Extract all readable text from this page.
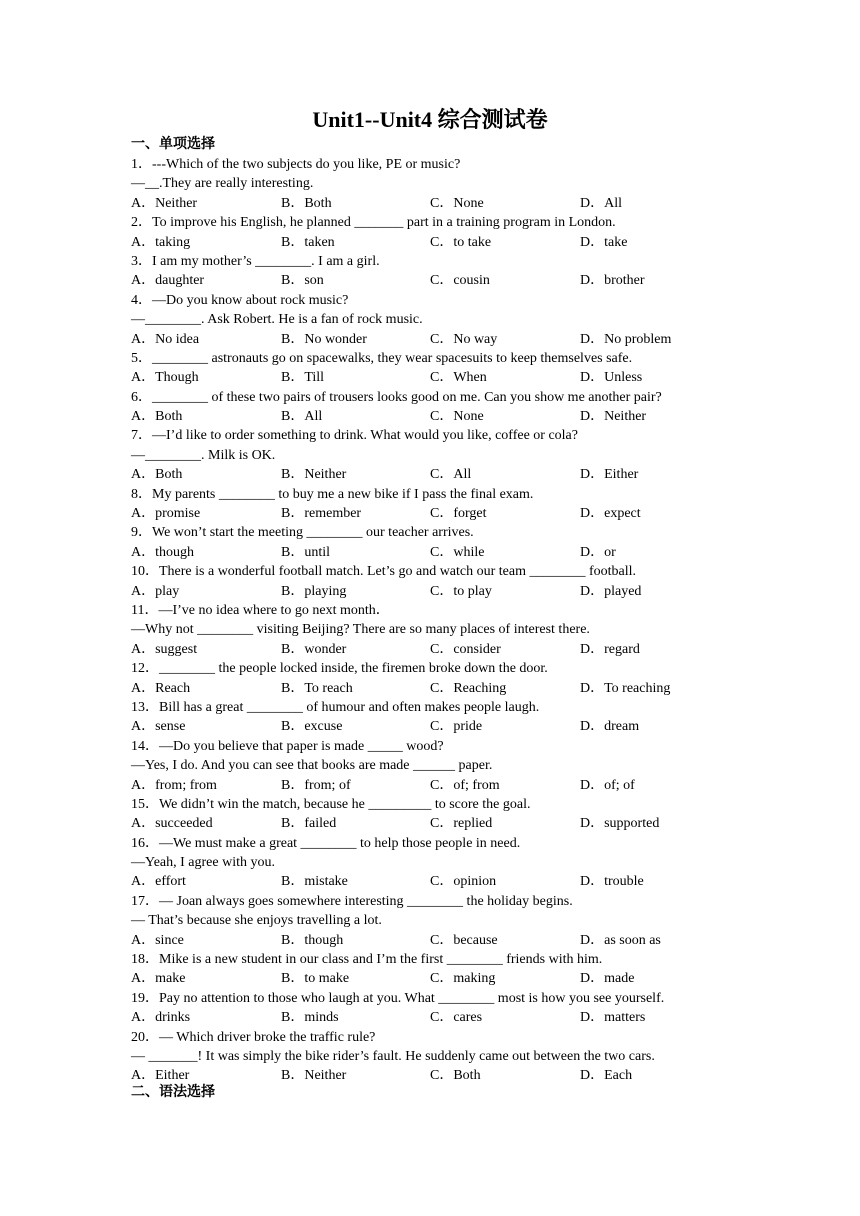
Unit1--Unit4 综合测试卷
一、单项选择
1．---Which of the two subjects do you like, PE or music?
—__.They are really interesting.
A．Neither	B．Both	C．None	D．All
2．To improve his English, he planned _______ part in a training program in London.
A．taking	B．taken	C．to take	D．take
3．I am my mother’s ________. I am a girl.
A．daughter	B．son	C．cousin	D．brother
4．—Do you know about rock music?
—________. Ask Robert. He is a fan of rock music.
A．No idea	B．No wonder	C．No way	D．No problem
5．________ astronauts go on spacewalks, they wear spacesuits to keep themselves safe.
A．Though	B．Till	C．When	D．Unless
6．________ of these two pairs of trousers looks good on me. Can you show me another pair?
A．Both	B．All	C．None	D．Neither
7．—I’d like to order something to drink. What would you like, coffee or cola?
—________. Milk is OK.
A．Both	B．Neither	C．All	D．Either
8．My parents ________ to buy me a new bike if I pass the final exam.
A．promise	B．remember	C．forget	D．expect
9．We won’t start the meeting ________ our teacher arrives.
A．though	B．until	C．while	D．or
10．There is a wonderful football match. Let’s go and watch our team ________ football.
A．play	B．playing	C．to play	D．played
11．—I’ve no idea where to go next month．
—Why not ________ visiting Beijing? There are so many places of interest there.
A．suggest	B．wonder	C．consider	D．regard
12．________ the people locked inside, the firemen broke down the door.
A．Reach	B．To reach	C．Reaching	D．To reaching
13．Bill has a great ________ of humour and often makes people laugh.
A．sense	B．excuse	C．pride	D．dream
14．—Do you believe that paper is made _____ wood?
—Yes, I do. And you can see that books are made ______ paper.
A．from; from	B．from; of	C．of; from	D．of; of
15．We didn’t win the match, because he _________ to score the goal.
A．succeeded	B．failed	C．replied	D．supported
16．—We must make a great ________ to help those people in need.
—Yeah, I agree with you.
A．effort	B．mistake	C．opinion	D．trouble
17．— Joan always goes somewhere interesting ________ the holiday begins.
— That’s because she enjoys travelling a lot.
A．since	B．though	C．because	D．as soon as
18．Mike is a new student in our class and I’m the first ________ friends with him.
A．make	B．to make	C．making	D．made
19．Pay no attention to those who laugh at you. What ________ most is how you see yourself.
A．drinks	B．minds	C．cares	D．matters
20．— Which driver broke the traffic rule?
— _______! It was simply the bike rider’s fault. He suddenly came out between the two cars.
A．Either	B．Neither	C．Both	D．Each
二、语法选择
